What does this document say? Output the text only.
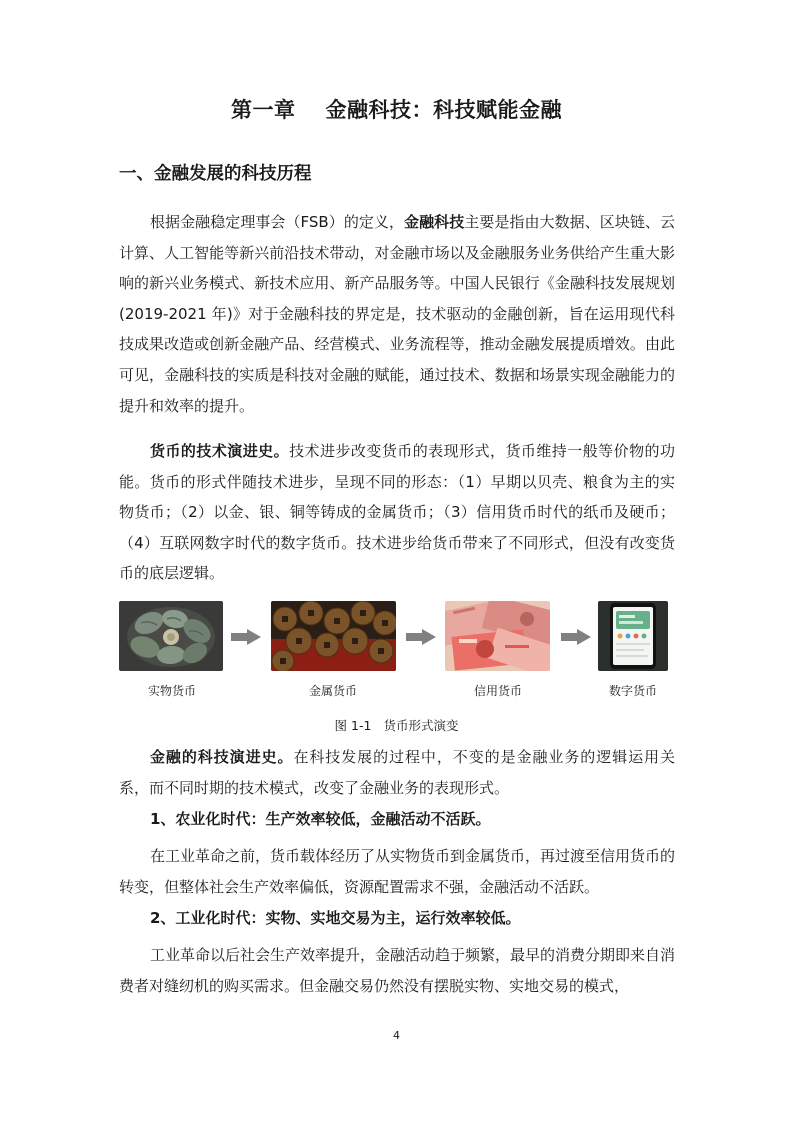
第一章 金融科技：科技赋能金融
一、金融发展的科技历程

根据金融稳定理事会（FSB）的定义，金融科技主要是指由大数据、区块链、云计算、人工智能等新兴前沿技术带动，对金融市场以及金融服务业务供给产生重大影响的新兴业务模式、新技术应用、新产品服务等。中国人民银行《金融科技发展规划(2019-2021 年)》对于金融科技的界定是，技术驱动的金融创新，旨在运用现代科技成果改造或创新金融产品、经营模式、业务流程等，推动金融发展提质增效。由此可见，金融科技的实质是科技对金融的赋能，通过技术、数据和场景实现金融能力的提升和效率的提升。

货币的技术演进史。技术进步改变货币的表现形式，货币维持一般等价物的功能。货币的形式伴随技术进步，呈现不同的形态：（1）早期以贝壳、粮食为主的实物货币；（2）以金、银、铜等铸成的金属货币；（3）信用货币时代的纸币及硬币；（4）互联网数字时代的数字货币。技术进步给货币带来了不同形式，但没有改变货币的底层逻辑。

实物货币	金属货币	信用货币	数字货币
图 1-1 货币形式演变

金融的科技演进史。在科技发展的过程中，不变的是金融业务的逻辑运用关系，而不同时期的技术模式，改变了金融业务的表现形式。

1、农业化时代：生产效率较低，金融活动不活跃。

在工业革命之前，货币载体经历了从实物货币到金属货币，再过渡至信用货币的转变，但整体社会生产效率偏低，资源配置需求不强，金融活动不活跃。

2、工业化时代：实物、实地交易为主，运行效率较低。

工业革命以后社会生产效率提升，金融活动趋于频繁，最早的消费分期即来自消费者对缝纫机的购买需求。但金融交易仍然没有摆脱实物、实地交易的模式，

4
